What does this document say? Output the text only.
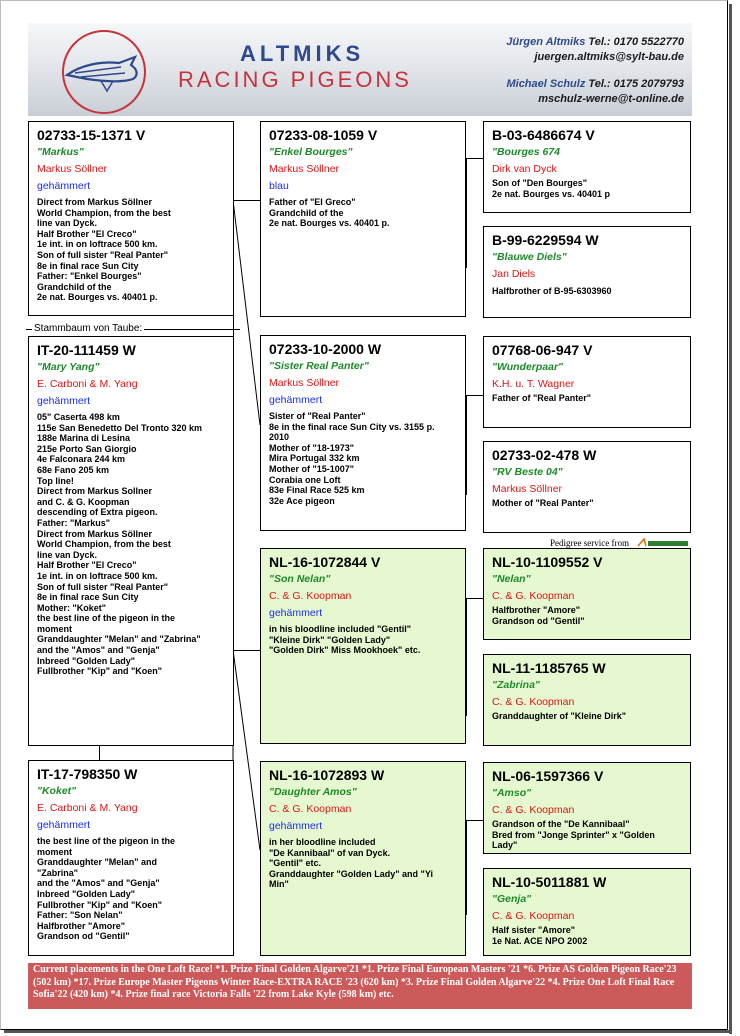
ALTMIKS
RACING PIGEONS
Jürgen Altmiks Tel.: 0170 5522770
juergen.altmiks@sylt-bau.de
Michael Schulz Tel.: 0175 2079793
mschulz-werne@t-online.de
02733-15-1371 V
"Markus"
Markus Söllner
gehämmert
Direct from Markus Söllner
World Champion, from the best
line van Dyck.
Half Brother "El Creco"
1e int. in on loftrace 500 km.
Son of full sister "Real Panter"
8e in final race Sun City
Father: "Enkel Bourges"
Grandchild of the
2e nat. Bourges vs. 40401 p.
Stammbaum von Taube:
IT-20-111459 W
"Mary Yang"
E. Carboni & M. Yang
gehämmert
05" Caserta 498 km
115e San Benedetto Del Tronto 320 km
188e Marina di Lesina
215e Porto San Giorgio
4e Falconara 244 km
68e Fano 205 km
Top line!
Direct from Markus Sollner
and C. & G. Koopman
descending of Extra pigeon.
Father: "Markus"
Direct from Markus Söllner
World Champion, from the best
line van Dyck.
Half Brother "El Creco"
1e int. in on loftrace 500 km.
Son of full sister "Real Panter"
8e in final race Sun City
Mother: "Koket"
the best line of the pigeon in the
moment
Granddaughter "Melan" and "Zabrina"
and the "Amos" and "Genja"
Inbreed "Golden Lady"
Fullbrother "Kip" and "Koen"
IT-17-798350 W
"Koket"
E. Carboni & M. Yang
gehämmert
the best line of the pigeon in the
moment
Granddaughter "Melan" and
"Zabrina"
and the "Amos" and "Genja"
Inbreed "Golden Lady"
Fullbrother "Kip" and "Koen"
Father: "Son Nelan"
Halfbrother "Amore"
Grandson od "Gentil"
07233-08-1059 V
"Enkel Bourges"
Markus Söllner
blau
Father of "El Greco"
Grandchild of the
2e nat. Bourges vs. 40401 p.
07233-10-2000 W
"Sister Real Panter"
Markus Söllner
gehämmert
Sister of "Real Panter"
8e in the final race Sun City vs. 3155 p.
2010
Mother of "18-1973"
Mira Portugal 332 km
Mother of "15-1007"
Corabia one Loft
83e Final Race 525 km
32e Ace pigeon
NL-16-1072844 V
"Son Nelan"
C. & G. Koopman
gehämmert
in his bloodline included "Gentil"
"Kleine Dirk" "Golden Lady"
"Golden Dirk" Miss Mookhoek" etc.
NL-16-1072893 W
"Daughter Amos"
C. & G. Koopman
gehämmert
in her bloodline included
"De Kannibaal" of van Dyck.
"Gentil" etc.
Granddaughter "Golden Lady" and "Yi
Min"
B-03-6486674 V
"Bourges 674
Dirk van Dyck
Son of "Den Bourges"
2e nat. Bourges vs. 40401 p
B-99-6229594 W
"Blauwe Diels"
Jan Diels
Halfbrother of B-95-6303960
07768-06-947 V
"Wunderpaar"
K.H. u. T. Wagner
Father of "Real Panter"
02733-02-478 W
"RV Beste 04"
Markus Söllner
Mother of "Real Panter"
Pedigree service from
NL-10-1109552 V
"Nelan"
C. & G. Koopman
Halfbrother "Amore"
Grandson od "Gentil"
NL-11-1185765 W
"Zabrina"
C. & G. Koopman
Granddaughter of "Kleine Dirk"
NL-06-1597366 V
"Amso"
C. & G. Koopman
Grandson of the "De Kannibaal"
Bred from "Jonge Sprinter" x "Golden
Lady"
NL-10-5011881 W
"Genja"
C. & G. Koopman
Half sister "Amore"
1e Nat. ACE NPO 2002
Current placements in the One Loft Race! *1. Prize Final Golden Algarve'21 *1. Prize Final European Masters '21 *6. Prize AS Golden Pigeon Race'23 (502 km) *17. Prize Europe Master Pigeons Winter Race-EXTRA RACE '23 (620 km) *3. Prize Final Golden Algarve'22 *4. Prize One Loft Final Race Sofia'22 (420 km) *4. Prize final race Victoria Falls '22 from Lake Kyle (598 km) etc.
